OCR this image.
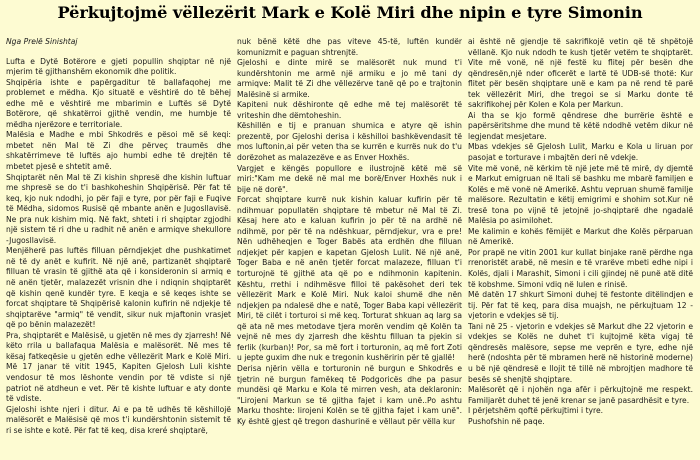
Përkujtojmë vëllezërit Mark e Kolë Miri dhe nipin e tyre Simonin

Nga Prelë Sinishtaj

Lufta e Dytë Botërore e gjeti popullin shqiptar në një mjerim të gjithanshëm ekonomik dhe politik.

Shqipëria ishte e papërgaditur të ballafaqohej me problemet e mëdha. Kjo situatë e vështirë do të bëhej edhe më e vështirë me mbarimin e Luftës së Dytë Botërore, që shkatërroi gjithë vendin, me humbje të mëdha njerëzore e territoriale.

Malësia e Madhe e mbi Shkodrës e pësoi më së keqi: mbetet nën Mal të Zi dhe përveç traumës dhe shkatërrimeve të luftës ajo humbi edhe të drejtën të mbetet pjesë e shtetit amë.

Shqiptarët nën Mal të Zi kishin shpresë dhe kishin luftuar me shpresë se do t'i bashkoheshin Shqipërisë. Për fat të keq, kjo nuk ndodhi, jo për faji e tyre, por për faji e Fuqive të Mëdha, sidomos Rusisë që mbante anën e Jugosllavisë. Ne pra nuk kishim miq. Në fakt, shteti i ri shqiptar zgjodhi një sistem të ri dhe u radhit në anën e armiqve shekullore -Jugosllavisë.

Menjëherë pas luftës filluan përndjekjet dhe pushkatimet në të dy anët e kufirit. Në një anë, partizanët shqiptarë filluan të vrasin të gjithë ata që i konsideronin si armiq e në anën tjetër, malazezët vrisnin dhe i ndiqnin shqiptarët që kishin qenë kundër tyre. E keqja e së keqes ishte se forcat shqiptare të Shqipërisë kalonin kufirin në ndjekje të shqiptarëve "armiq" të vendit, sikur nuk mjaftonin vrasjet që po bënin malazezët!

Pra, shqiptarët e Malësisë, u gjetën në mes dy zjarresh! Në këto rrila u ballafaqua Malësia e malësorët. Në mes të kësaj fatkeqësie u gjetën edhe vëllezërit Mark e Kolë Miri. Më 17 janar të vitit 1945, Kapiten Gjelosh Luli kishte vendosur të mos lëshonte vendin por të vdiste si një patriot në atdheun e vet. Për të kishte luftuar e aty donte të vdiste.

Gjeloshi ishte njeri i ditur. Ai e pa të udhës të këshillojë malësorët e Malësisë që mos t'i kundërshtonin sistemit të ri se ishte e kotë. Për fat të keq, disa kreré shqiptarë,

nuk bënë këtë dhe pas viteve 45-të, luftën kundër komunizmit e paguan shtrenjtë.

Gjeloshi e dinte mirë se malësorët nuk mund t'i kundërshtonin me armë një armiku e jo më tani dy armiqve: Malit të Zi dhe vëllezërve tanë që po e trajtonin Malësinë si armike.

Kapiteni nuk dëshironte që edhe më tej malësorët të vriteshin dhe dëmtoheshin.

Këshillën e tij e pranuan shumica e atyre që ishin prezentë, por Gjeloshi derisa i këshilloi bashkëvendasit të mos luftonin,ai për veten tha se kurrën e kurrës nuk do t'u dorëzohet as malazezëve e as Enver Hoxhës.

Vargjet e këngës popullore e ilustrojnë këtë më së miri:"Kam me dekë në mal me borë/Enver Hoxhës nuk i bije në dorë".

Forcat shqiptare kurrë nuk kishin kaluar kufirin për të ndihmuar popullatën shqiptare të mbetur në Mal të Zi. Kësaj here ato e kaluan kufirin jo për të na ardhë në ndihmë, por për të na ndëshkuar, përndjekur, vra e pre! Nën udhëheqjen e Toger Babës ata erdhën dhe filluan ndjekjet për kapjen e kapetan Gjelosh Lulit. Në një anë, Toger Baba e në anën tjetër forcat malazeze, filluan t'i torturojnë të gjithë ata që po e ndihmonin kapitenin. Kështu, rrethi i ndihmësve filloi të pakësohet deri tek vëllezërit Mark e Kolë Miri. Nuk kaloi shumë dhe nën ndjekjen pa ndalesë dhe e natë, Toger Baba kapi vëllezërit Miri, të cilët i torturoi si më keq. Torturat shkuan aq larg sa që ata në mes metodave tjera morën vendim që Kolën ta vejnë në mes dy zjarresh dhe kështu filluan ta pjekin si ferlik (kurban)! Por, sa më fort i torturonin, aq më fort Zoti u jepte guxim dhe nuk e tregonin kushëririn për të gjallë!

Derisa njërin vëlla e torturonin në burgun e Shkodrës e tjetrin në burgun famëkeq të Podgoricës dhe pa pasur mundësi që Marku e Kola të mirren vesh, ata deklaronin: "Lirojeni Markun se të gjitha fajet i kam unë..Po ashtu Marku thoshte: lirojeni Kolën se të gjitha fajet i kam unë". Ky është gjest që tregon dashurinë e vëllaut për vëlla kur

ai është në gjendje të sakrifikojë vetin që të shpëtojë vëllanë. Kjo nuk ndodh te kush tjetër vetëm te shqiptarët. Vite më vonë, në një festë ku flitej për besën dhe qëndresën,një nder oficerët e lartë të UDB-së thotë: Kur flitet për besën shqiptare unë e kam pa në rend të parë tek vëllezërit Miri, dhe tregoi se si Marku donte të sakrifikohej për Kolen e Kola per Markun.

Ai tha se kjo formë qëndrese dhe burrërie është e papërsëritshme dhe mund të këtë ndodhë vetëm dikur në legjendat mesjetare.

Mbas vdekjes së Gjelosh Lulit, Marku e Kola u liruan por pasojat e torturave i mbajtën deri në vdekje.

Vite më vonë, në kërkim të një jete më të mirë, dy djemtë e Markut emigruan në Itali së bashku me mbarë familjen e Kolës e më vonë në Amerikë. Ashtu vepruan shumë familje malësore. Rezultatin e këtij emigrimi e shohim sot.Kur në tresë tona po vijnë të jetojnë jo-shqiptarë dhe ngadalë Malësia po asimilohet.

Me kalimin e kohës fëmijët e Markut dhe Kolës përparuan në Amerikë.

Por prapë ne vitin 2001 kur kullat binjake ranë përdhe nga rrenoristët arabë, në mesin e të vrarëve mbeti edhe nipi i Kolës, djali i Marashit, Simoni i cili gjindej në punë atë ditë të kobshme. Simoni vdiq në lulen e rinisë.

Më datën 17 shkurt Simoni duhej të festonte ditëlindjen e tij. Për fat të keq, para disa muajsh, ne përkujtuam 12 -vjetorin e vdekjes së tij.

Tani në 25 - vjetorin e vdekjes së Markut dhe 22 vjetorin e vdekjes se Kolës ne duhet t'i kujtojmë këta vigaj të qëndresës malësore, sepse me veprën e tyre, edhe një herë (ndoshta për të mbramen herë në historinë moderne) u bë një qëndresë e llojit të tillë në mbrojtjen madhore të besës së shenjtë shqiptare.

Malësorët që i njohën nga afër i përkujtojnë me respekt. Familjarët duhet të jenë krenar se janë pasardhësit e tyre.

I përjetshëm qoftë përkujtimi i tyre.

Pushofshin në paqe.
